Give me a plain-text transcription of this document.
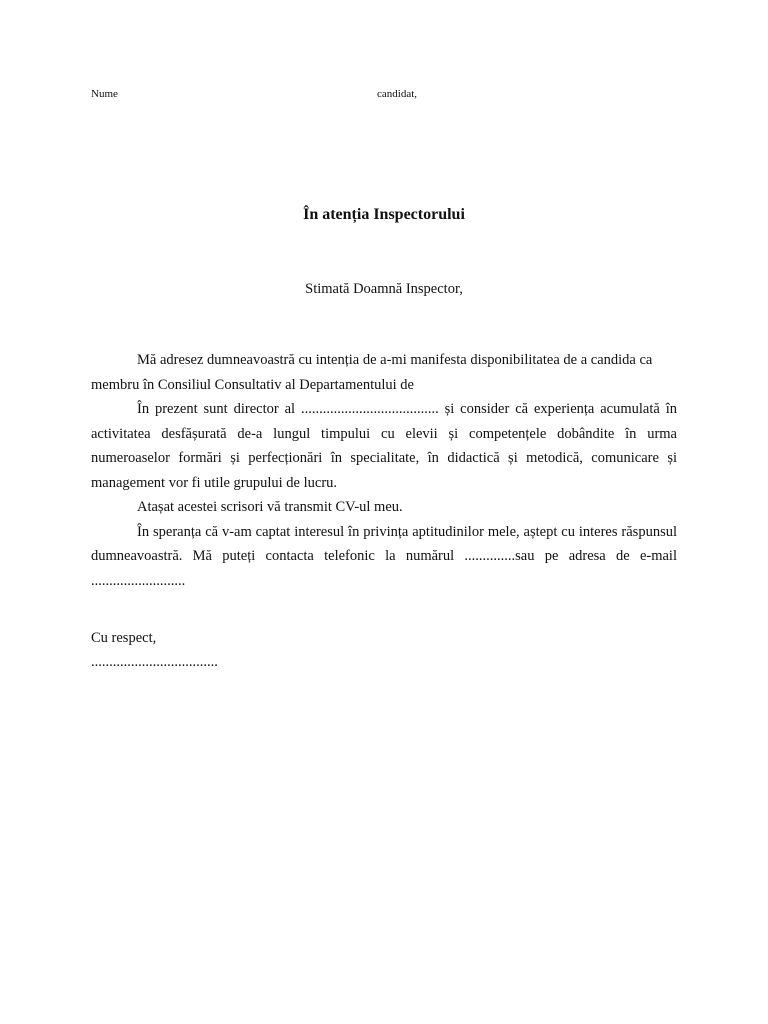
Nume	candidat,
În atenția Inspectorului
Stimată Doamnă Inspector,

Mă adresez dumneavoastră cu intenția de a-mi manifesta disponibilitatea de a candida ca membru în Consiliul Consultativ al Departamentului de

În prezent sunt director al ...................................... și consider că experiența acumulată în activitatea desfășurată de-a lungul timpului cu elevii și competențele dobândite în urma numeroaselor formări și perfecționări în specialitate, în didactică și metodică, comunicare și management vor fi utile grupului de lucru.

Atașat acestei scrisori vă transmit CV-ul meu.

În speranța că v-am captat interesul în privința aptitudinilor mele, aștept cu interes răspunsul dumneavoastră. Mă puteți contacta telefonic la numărul ..............sau pe adresa de e-mail ..........................

Cu respect,
...................................
